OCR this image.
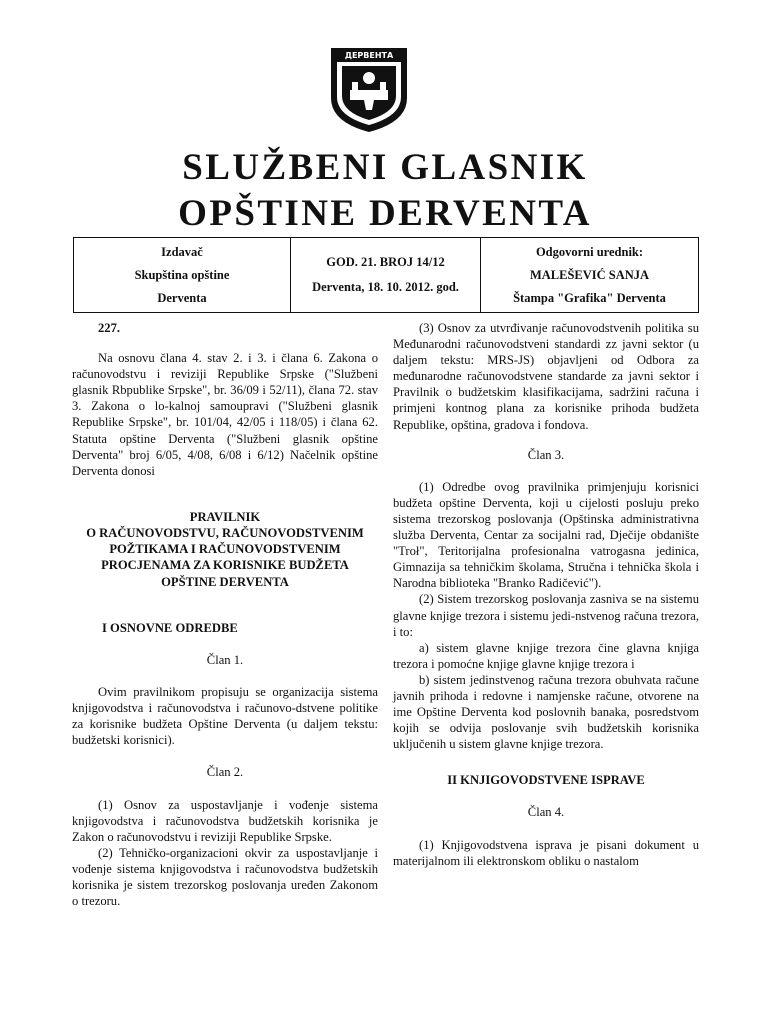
ДЕРВЕНТА
SLUŽBENI GLASNIK
OPŠTINE DERVENTA
Izdavač
Skupština opštine
Derventa

GOD. 21. BROJ 14/12
Derventa, 18. 10. 2012. god.

Odgovorni urednik:
MALEŠEVIĆ SANJA
Štampa "Grafika" Derventa
227.

Na osnovu člana 4. stav 2. i 3. i člana 6. Zakona o računovodstvu i reviziji Republike Srpske ("Službeni glasnik Rbpublike Srpske", br. 36/09 i 52/11), člana 72. stav 3. Zakona o lo-kalnoj samoupravi ("Službeni glasnik Republike Srpske", br. 101/04, 42/05 i 118/05) i člana 62. Statuta opštine Derventa ("Službeni glasnik opštine Derventa" broj 6/05, 4/08, 6/08 i 6/12) Načelnik opštine Derventa donosi

PRAVILNIK
O RAČUNOVODSTVU, RAČUNOVODSTVENIM
POŽTIKAMA I RAČUNOVODSTVENIM
PROCJENAMA ZA KORISNIKE BUDŽETA
OPŠTINE DERVENTA
I OSNOVNE ODREDBE
Član 1.

Ovim pravilnikom propisuju se organizacija sistema knjigovodstva i računovodstva i računovo-dstvene politike za korisnike budžeta Opštine Derventa (u daljem tekstu: budžetski korisnici).

Član 2.

(1) Osnov za uspostavljanje i vođenje sistema knjigovodstva i računovodstva budžetskih korisnika je Zakon o računovodstvu i reviziji Republike Srpske.

(2) Tehničko-organizacioni okvir za uspostavljanje i vođenje sistema knjigovodstva i računovodstva budžetskih korisnika je sistem trezorskog poslovanja uređen Zakonom o trezoru.

(3) Osnov za utvrđivanje računovodstvenih politika su Međunarodni računovodstveni standardi zz javni sektor (u daljem tekstu: MRS-JS) objavljeni od Odbora za međunarodne računovodstvene standarde za javni sektor i Pravilnik o budžetskim klasifikacijama, sadržini računa i primjeni kontnog plana za korisnike prihoda budžeta Republike, opština, gradova i fondova.

Član 3.

(1) Odredbe ovog pravilnika primjenjuju korisnici budžeta opštine Derventa, koji u cijelosti posluju preko sistema trezorskog poslovanja (Opštinska administrativna služba Derventa, Centar za socijalni rad, Dječije obdanište "Troł", Teritorijalna profesionalna vatrogasna jedinica, Gimnazija sa tehničkim školama, Stručna i tehnička škola i Narodna biblioteka "Branko Radičević").

(2) Sistem trezorskog poslovanja zasniva se na sistemu glavne knjige trezora i sistemu jedi-nstvenog računa trezora, i to:

a) sistem glavne knjige trezora čine glavna knjiga trezora i pomoćne knjige glavne knjige trezora i

b) sistem jedinstvenog računa trezora obuhvata račune javnih prihoda i redovne i namjenske račune, otvorene na ime Opštine Derventa kod poslovnih banaka, posredstvom kojih se odvija poslovanje svih budžetskih korisnika uključenih u sistem glavne knjige trezora.

II KNJIGOVODSTVENE ISPRAVE
Član 4.

(1) Knjigovodstvena isprava je pisani dokument u materijalnom ili elektronskom obliku o nastalom
